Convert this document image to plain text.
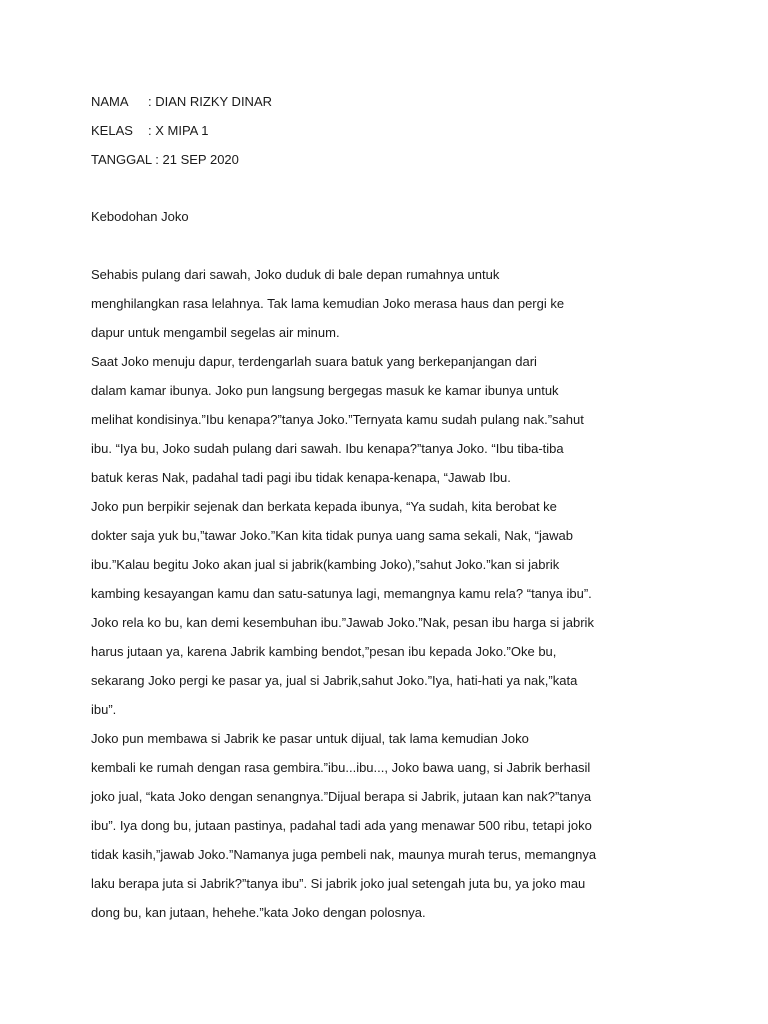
NAMA : DIAN RIZKY DINAR
KELAS : X MIPA 1
TANGGAL : 21 SEP 2020
Kebodohan Joko
Sehabis pulang dari sawah, Joko duduk di bale depan rumahnya untuk
menghilangkan rasa lelahnya. Tak lama kemudian Joko merasa haus dan pergi ke
dapur untuk mengambil segelas air minum.
Saat Joko menuju dapur, terdengarlah suara batuk yang berkepanjangan dari
dalam kamar ibunya. Joko pun langsung bergegas masuk ke kamar ibunya untuk
melihat kondisinya.”Ibu kenapa?”tanya Joko.”Ternyata kamu sudah pulang nak.”sahut
ibu. “Iya bu, Joko sudah pulang dari sawah. Ibu kenapa?”tanya Joko. “Ibu tiba-tiba
batuk keras Nak, padahal tadi pagi ibu tidak kenapa-kenapa, “Jawab Ibu.
Joko pun berpikir sejenak dan berkata kepada ibunya, “Ya sudah, kita berobat ke
dokter saja yuk bu,”tawar Joko.”Kan kita tidak punya uang sama sekali, Nak, “jawab
ibu.”Kalau begitu Joko akan jual si jabrik(kambing Joko),”sahut Joko.”kan si jabrik
kambing kesayangan kamu dan satu-satunya lagi, memangnya kamu rela? “tanya ibu”.
Joko rela ko bu, kan demi kesembuhan ibu.”Jawab Joko.”Nak, pesan ibu harga si jabrik
harus jutaan ya, karena Jabrik kambing bendot,”pesan ibu kepada Joko.”Oke bu,
sekarang Joko pergi ke pasar ya, jual si Jabrik,sahut Joko.”Iya, hati-hati ya nak,”kata
ibu”.
Joko pun membawa si Jabrik ke pasar untuk dijual, tak lama kemudian Joko
kembali ke rumah dengan rasa gembira.”ibu...ibu..., Joko bawa uang, si Jabrik berhasil
joko jual, “kata Joko dengan senangnya.”Dijual berapa si Jabrik, jutaan kan nak?”tanya
ibu”. Iya dong bu, jutaan pastinya, padahal tadi ada yang menawar 500 ribu, tetapi joko
tidak kasih,”jawab Joko.”Namanya juga pembeli nak, maunya murah terus, memangnya
laku berapa juta si Jabrik?”tanya ibu”. Si jabrik joko jual setengah juta bu, ya joko mau
dong bu, kan jutaan, hehehe.”kata Joko dengan polosnya.
